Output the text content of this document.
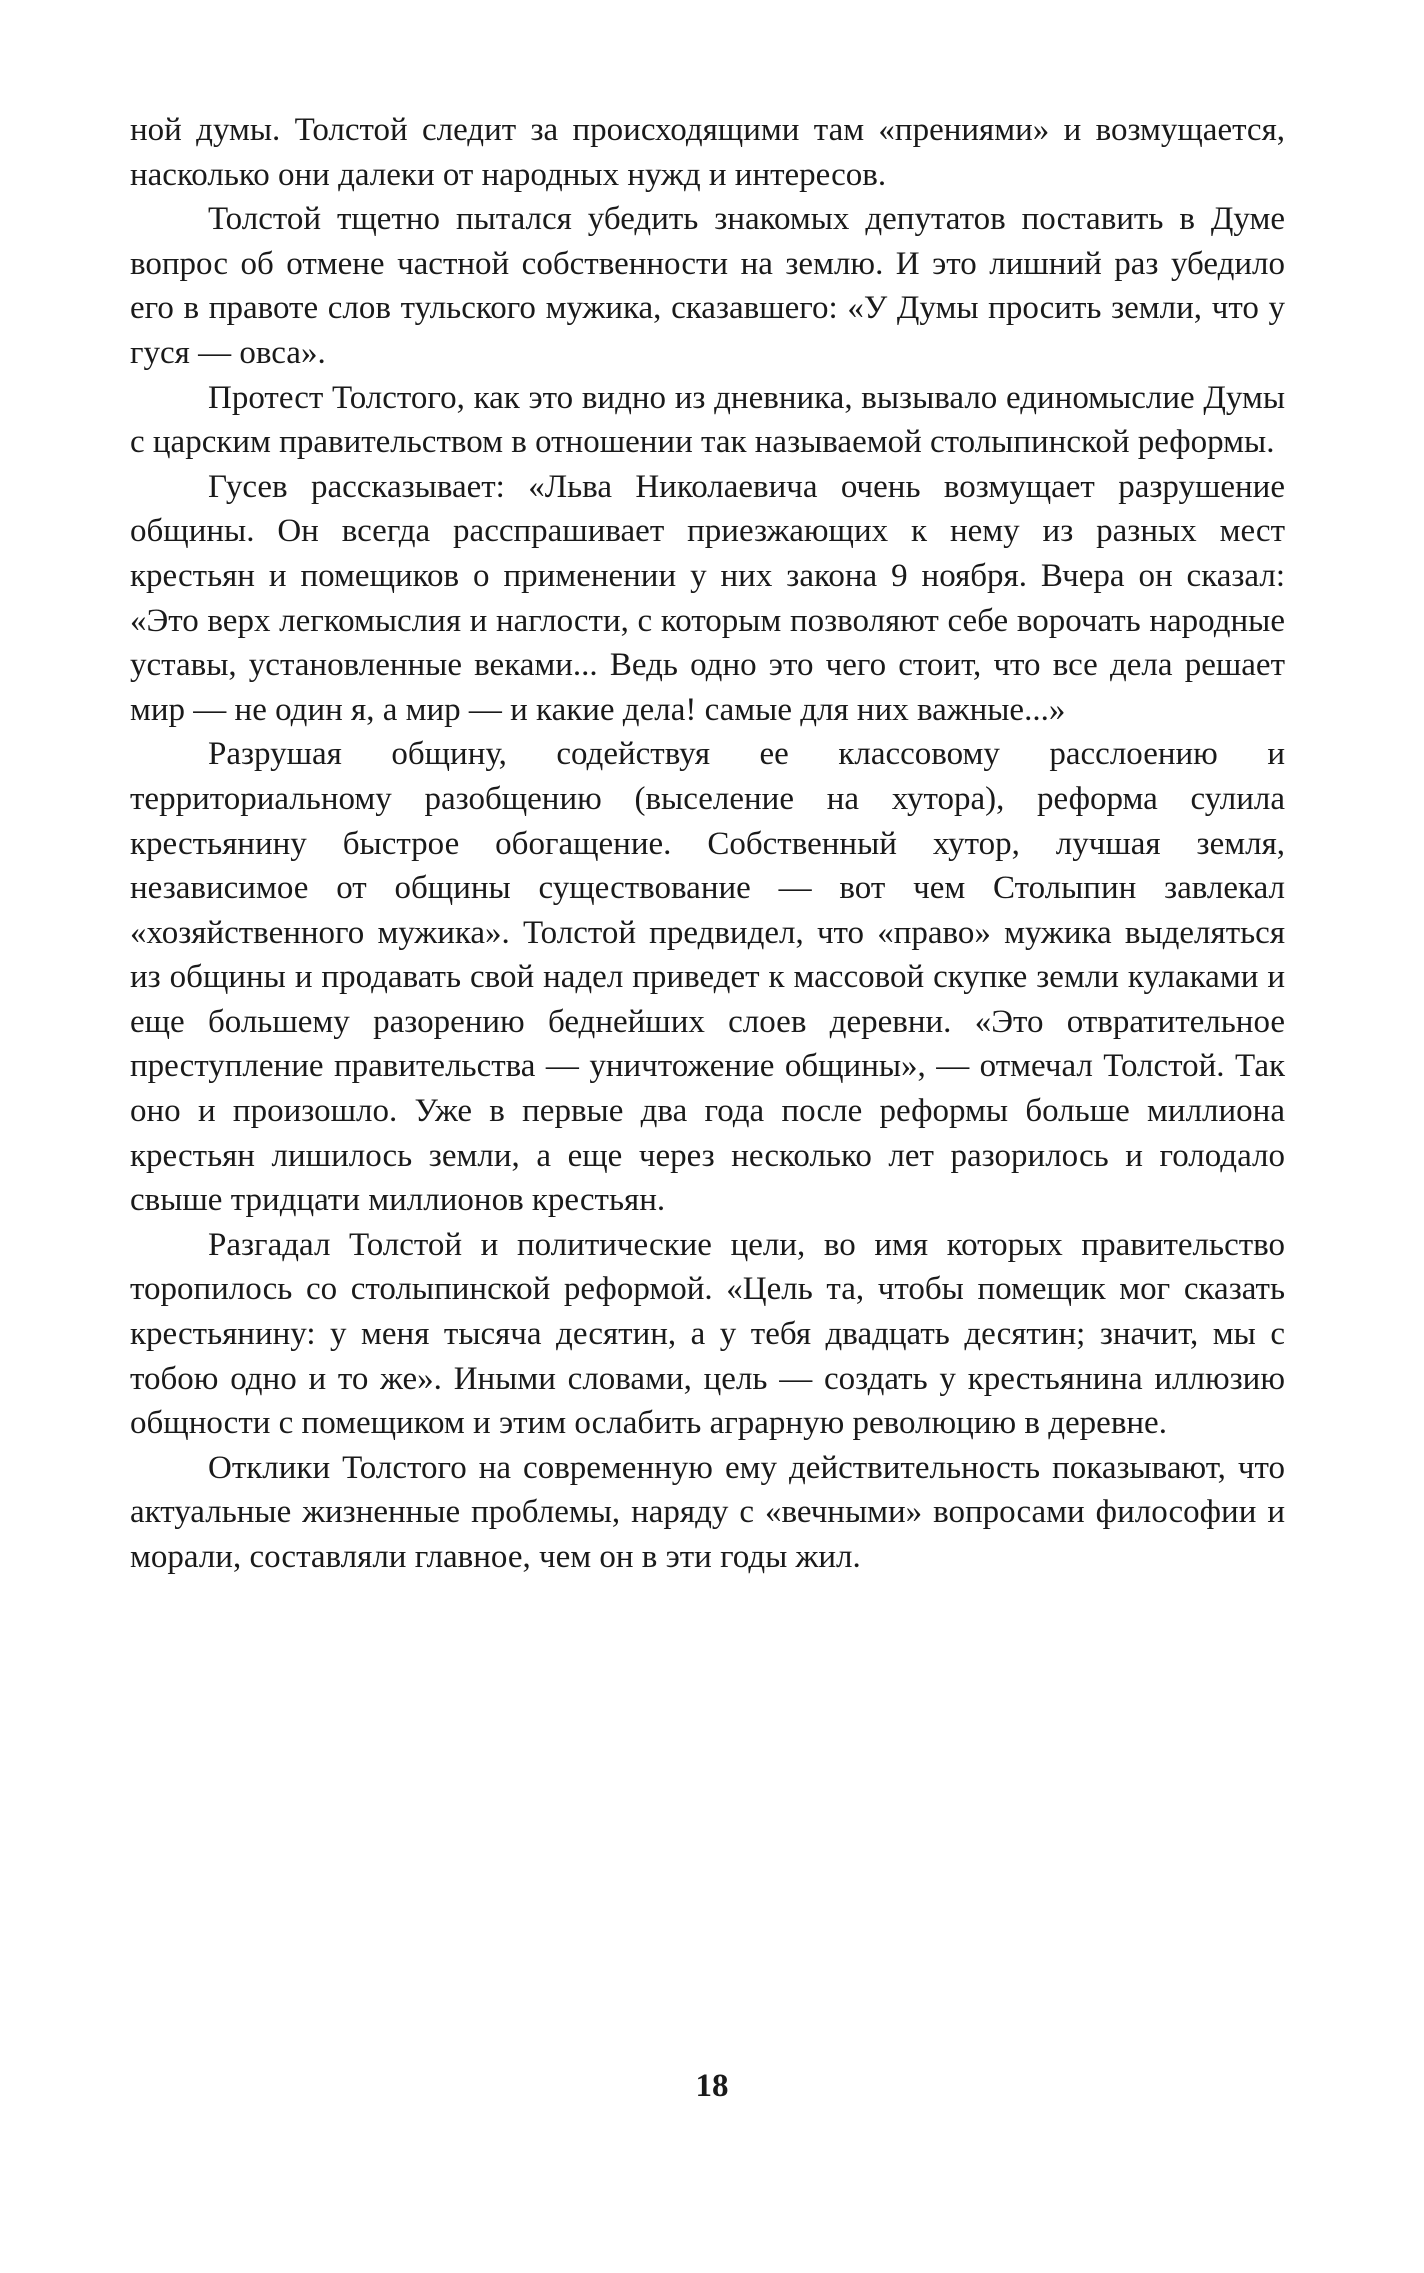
ной думы. Толстой следит за происходящими там «прениями» и возмущается, насколько они далеки от народных нужд и интересов.

Толстой тщетно пытался убедить знакомых депутатов поставить в Думе вопрос об отмене частной собственности на землю. И это лишний раз убедило его в правоте слов тульского мужика, сказавшего: «У Думы просить земли, что у гуся — овса».

Протест Толстого, как это видно из дневника, вызывало единомыслие Думы с царским правительством в отношении так называемой столыпинской реформы.

Гусев рассказывает: «Льва Николаевича очень возмущает разрушение общины. Он всегда расспрашивает приезжающих к нему из разных мест крестьян и помещиков о применении у них закона 9 ноября. Вчера он сказал: «Это верх легкомыслия и наглости, с которым позволяют себе ворочать народные уставы, установленные веками... Ведь одно это чего стоит, что все дела решает мир — не один я, а мир — и какие дела! самые для них важные...»

Разрушая общину, содействуя ее классовому расслоению и территориальному разобщению (выселение на хутора), реформа сулила крестьянину быстрое обогащение. Собственный хутор, лучшая земля, независимое от общины существование — вот чем Столыпин завлекал «хозяйственного мужика». Толстой предвидел, что «право» мужика выделяться из общины и продавать свой надел приведет к массовой скупке земли кулаками и еще большему разорению беднейших слоев деревни. «Это отвратительное преступление правительства — уничтожение общины», — отмечал Толстой. Так оно и произошло. Уже в первые два года после реформы больше миллиона крестьян лишилось земли, а еще через несколько лет разорилось и голодало свыше тридцати миллионов крестьян.

Разгадал Толстой и политические цели, во имя которых правительство торопилось со столыпинской реформой. «Цель та, чтобы помещик мог сказать крестьянину: у меня тысяча десятин, а у тебя двадцать десятин; значит, мы с тобою одно и то же». Иными словами, цель — создать у крестьянина иллюзию общности с помещиком и этим ослабить аграрную революцию в деревне.

Отклики Толстого на современную ему действительность показывают, что актуальные жизненные проблемы, наряду с «вечными» вопросами философии и морали, составляли главное, чем он в эти годы жил.

18
